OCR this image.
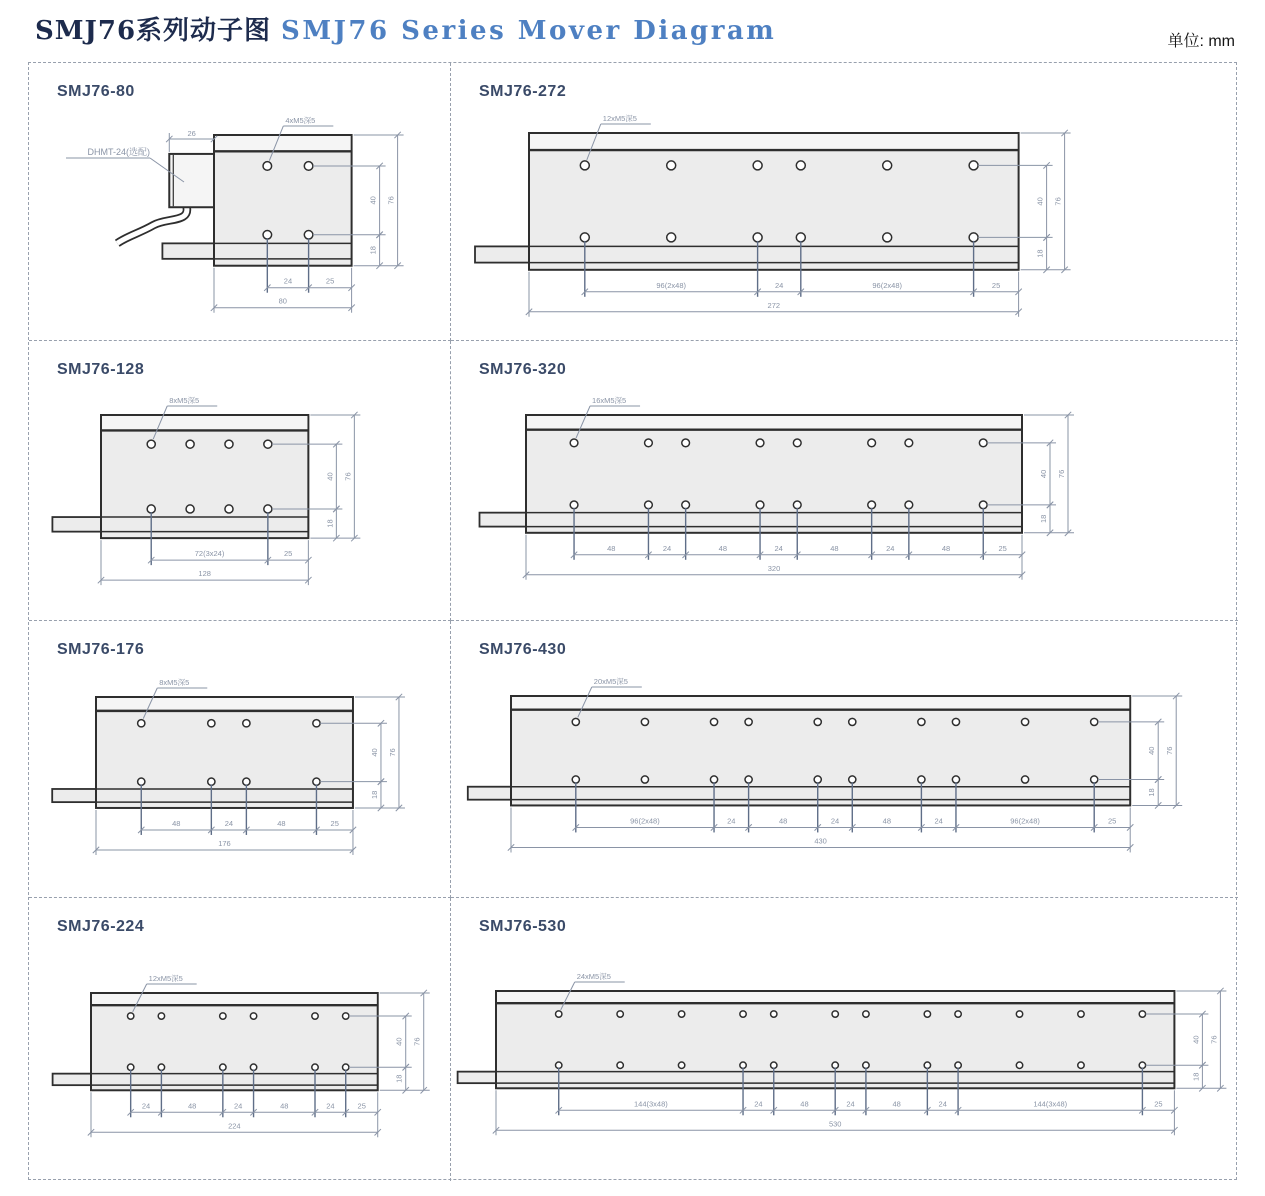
SMJ76系列动子图 SMJ76 Series Mover Diagram	单位: mm
SMJ76-80
4xM5深5
40
18
76
24	25
80
26
DHMT-24(选配)
SMJ76-272
12xM5深5
40
18
76
96(2x48)	24	96(2x48)	25
272
SMJ76-128
8xM5深5
40
18
76
72(3x24)	25
128
SMJ76-320
16xM5深5
40
18
76
48	24	48	24	48	24	48	25
320
SMJ76-176
8xM5深5
40
18
76
48	24	48	25
176
SMJ76-430
20xM5深5
40
18
76
96(2x48)	24	48	24	48	24	96(2x48)	25
430
SMJ76-224
12xM5深5
40
18
76
24	48	24	48	24	25
224
SMJ76-530
24xM5深5
40
18
76
144(3x48)	24	48	24	48	24	144(3x48)	25
530
